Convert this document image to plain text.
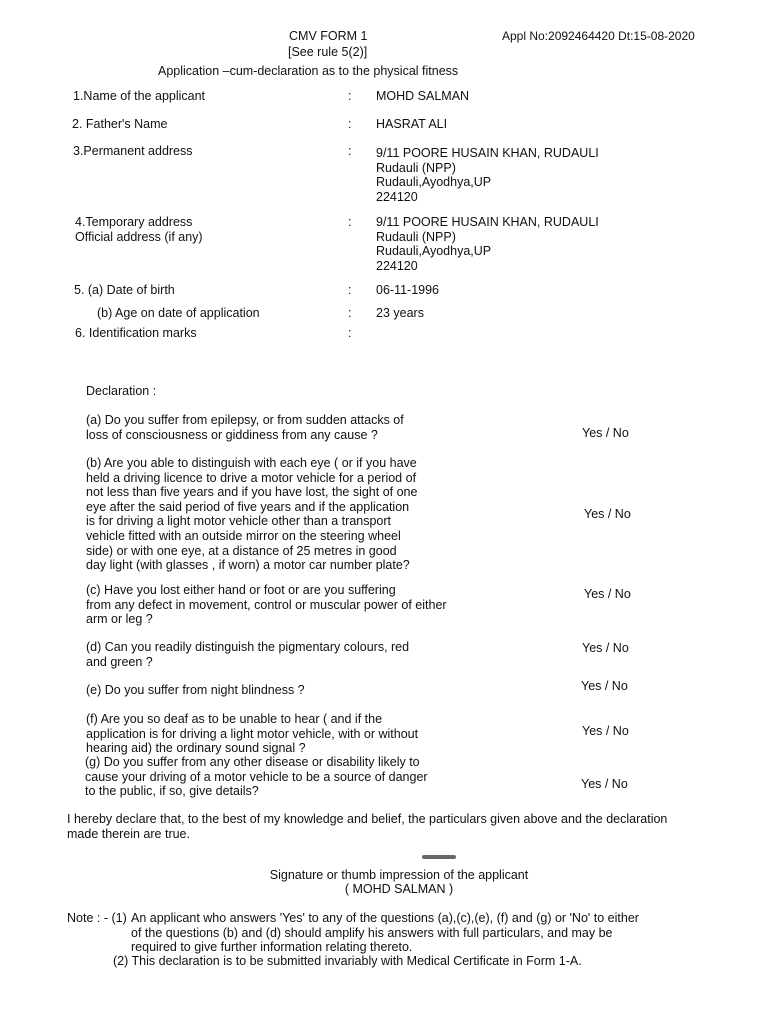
CMV FORM 1
[See rule 5(2)]
Appl No:2092464420 Dt:15-08-2020
Application –cum-declaration as to the physical fitness
1.Name of the applicant	: MOHD SALMAN
2. Father's Name	: HASRAT ALI
3.Permanent address	: 9/11 POORE HUSAIN KHAN, RUDAULI
Rudauli (NPP)
Rudauli,Ayodhya,UP
224120
4.Temporary address
Official address (if any)
: 9/11 POORE HUSAIN KHAN, RUDAULI
Rudauli (NPP)
Rudauli,Ayodhya,UP
224120
5. (a) Date of birth	: 06-11-1996
(b) Age on date of application	: 23 years
6. Identification marks	:
Declaration :
(a) Do you suffer from epilepsy, or from sudden attacks of
loss of consciousness or giddiness from any cause ?	Yes / No
(b) Are you able to distinguish with each eye ( or if you have
held a driving licence to drive a motor vehicle for a period of
not less than five years and if you have lost, the sight of one
eye after the said period of five years and if the application
is for driving a light motor vehicle other than a transport
vehicle fitted with an outside mirror on the steering wheel
side) or with one eye, at a distance of 25 metres in good
day light (with glasses , if worn) a motor car number plate?
Yes / No
(c) Have you lost either hand or foot or are you suffering
from any defect in movement, control or muscular power of either
arm or leg ?
Yes / No
(d) Can you readily distinguish the pigmentary colours, red
and green ?
Yes / No
(e) Do you suffer from night blindness ?	Yes / No
(f) Are you so deaf as to be unable to hear ( and if the
application is for driving a light motor vehicle, with or without
hearing aid) the ordinary sound signal ?
Yes / No
(g) Do you suffer from any other disease or disability likely to
cause your driving of a motor vehicle to be a source of danger
to the public, if so, give details?
Yes / No
I hereby declare that, to the best of my knowledge and belief, the particulars given above and the declaration
made therein are true.
Signature or thumb impression of the applicant
( MOHD SALMAN )
Note : - (1) An applicant who answers 'Yes' to any of the questions (a),(c),(e), (f) and (g) or 'No' to either
of the questions (b) and (d) should amplify his answers with full particulars, and may be
required to give further information relating thereto.
(2) This declaration is to be submitted invariably with Medical Certificate in Form 1-A.
